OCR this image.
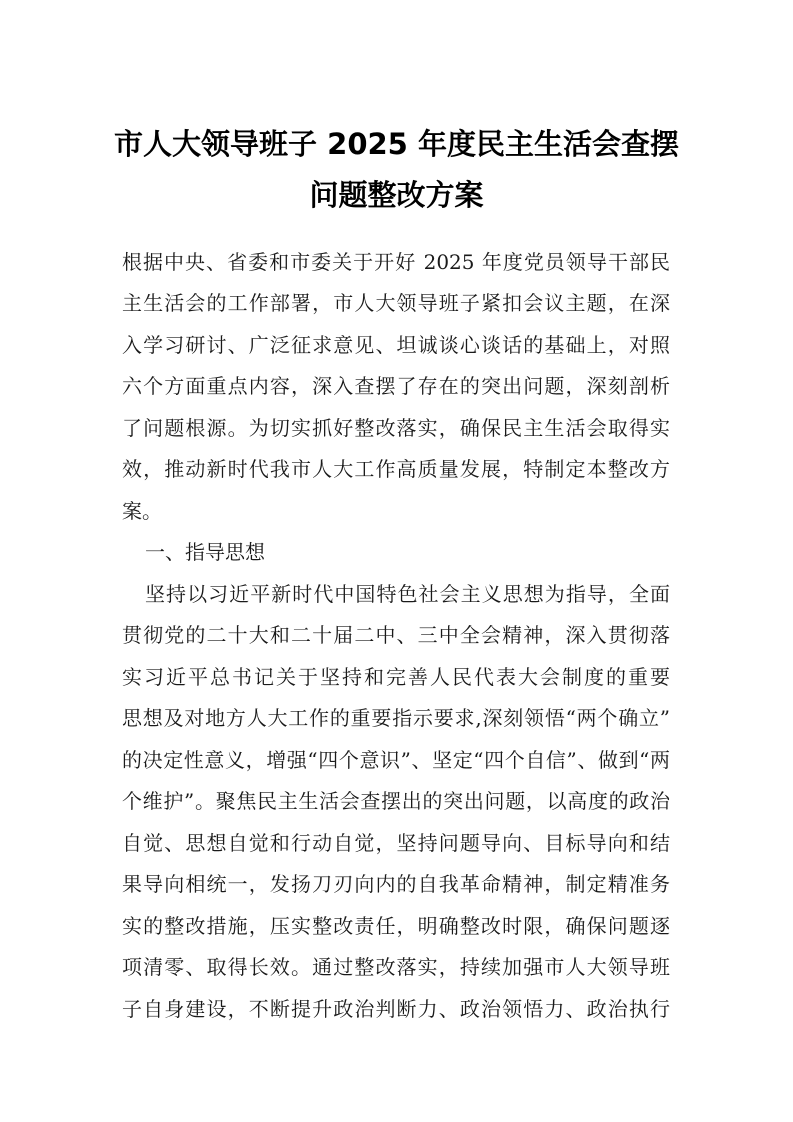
市人大领导班子 2025 年度民主生活会查摆
问题整改方案
根据中央、省委和市委关于开好 2025 年度党员领导干部民
主生活会的工作部署，市人大领导班子紧扣会议主题，在深
入学习研讨、广泛征求意见、坦诚谈心谈话的基础上，对照
六个方面重点内容，深入查摆了存在的突出问题，深刻剖析
了问题根源。为切实抓好整改落实，确保民主生活会取得实
效，推动新时代我市人大工作高质量发展，特制定本整改方
案。
一、指导思想
坚持以习近平新时代中国特色社会主义思想为指导，全面
贯彻党的二十大和二十届二中、三中全会精神，深入贯彻落
实习近平总书记关于坚持和完善人民代表大会制度的重要
思想及对地方人大工作的重要指示要求,深刻领悟“两个确立”
的决定性意义，增强“四个意识”、坚定“四个自信”、做到“两
个维护”。聚焦民主生活会查摆出的突出问题，以高度的政治
自觉、思想自觉和行动自觉，坚持问题导向、目标导向和结
果导向相统一，发扬刀刃向内的自我革命精神，制定精准务
实的整改措施，压实整改责任，明确整改时限，确保问题逐
项清零、取得长效。通过整改落实，持续加强市人大领导班
子自身建设，不断提升政治判断力、政治领悟力、政治执行
